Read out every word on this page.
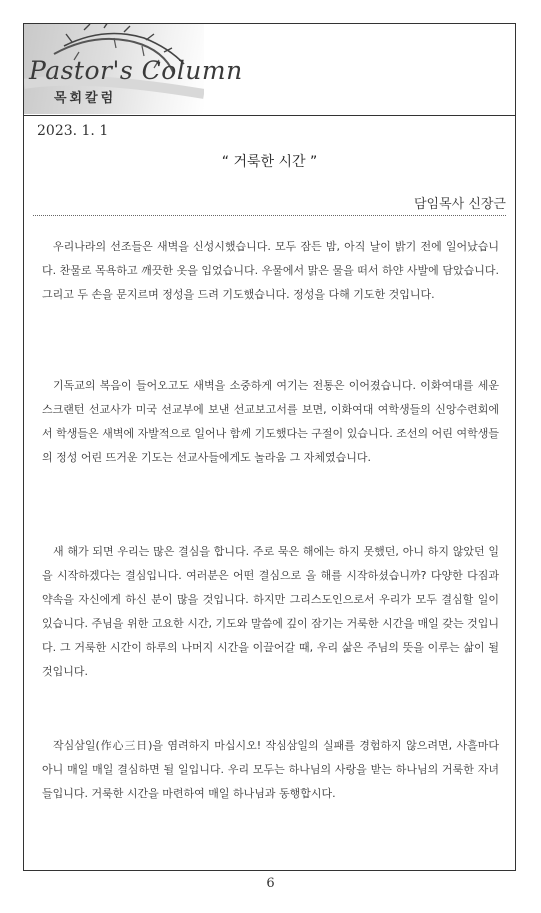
Pastor's Column
목회칼럼
2023. 1. 1
“ 거룩한 시간 ”
담임목사 신장근

우리나라의 선조들은 새벽을 신성시했습니다. 모두 잠든 밤, 아직 날이 밝기 전에 일어났습니다. 찬물로 목욕하고 깨끗한 옷을 입었습니다. 우물에서 맑은 물을 떠서 하얀 사발에 담았습니다. 그리고 두 손을 문지르며 정성을 드려 기도했습니다. 정성을 다해 기도한 것입니다.

기독교의 복음이 들어오고도 새벽을 소중하게 여기는 전통은 이어졌습니다. 이화여대를 세운 스크랜턴 선교사가 미국 선교부에 보낸 선교보고서를 보면, 이화여대 여학생들의 신앙수련회에서 학생들은 새벽에 자발적으로 일어나 함께 기도했다는 구절이 있습니다. 조선의 어린 여학생들의 정성 어린 뜨거운 기도는 선교사들에게도 놀라움 그 자체였습니다.

새 해가 되면 우리는 많은 결심을 합니다. 주로 묵은 해에는 하지 못했던, 아니 하지 않았던 일을 시작하겠다는 결심입니다. 여러분은 어떤 결심으로 올 해를 시작하셨습니까? 다양한 다짐과 약속을 자신에게 하신 분이 많을 것입니다. 하지만 그리스도인으로서 우리가 모두 결심할 일이 있습니다. 주님을 위한 고요한 시간, 기도와 말씀에 깊이 잠기는 거룩한 시간을 매일 갖는 것입니다. 그 거룩한 시간이 하루의 나머지 시간을 이끌어갈 때, 우리 삶은 주님의 뜻을 이루는 삶이 될 것입니다.

작심삼일(作心三日)을 염려하지 마십시오! 작심삼일의 실패를 경험하지 않으려면, 사흘마다 아니 매일 매일 결심하면 될 일입니다. 우리 모두는 하나님의 사랑을 받는 하나님의 거룩한 자녀들입니다. 거룩한 시간을 마련하여 매일 하나님과 동행합시다.

6
